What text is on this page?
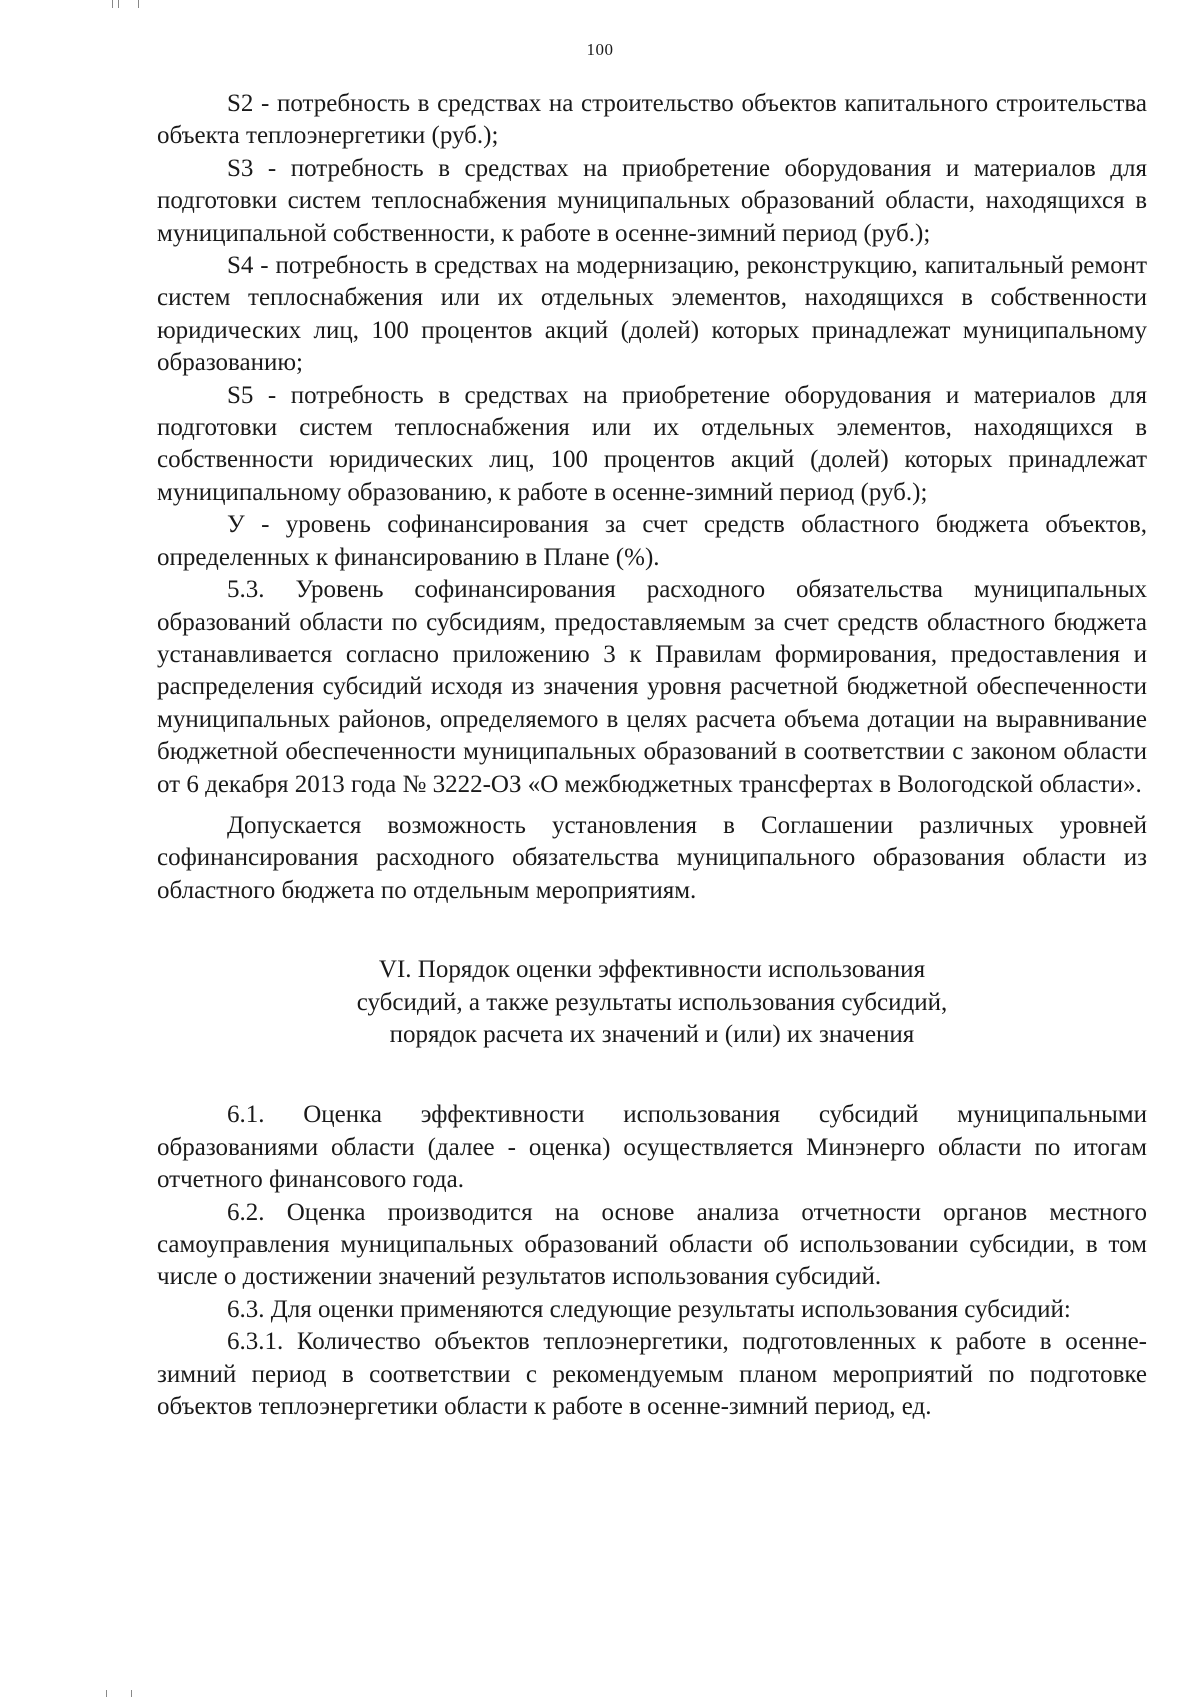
100

S2 - потребность в средствах на строительство объектов капитального строительства объекта теплоэнергетики (руб.);

S3 - потребность в средствах на приобретение оборудования и материалов для подготовки систем теплоснабжения муниципальных образований области, находящихся в муниципальной собственности, к работе в осенне-зимний период (руб.);

S4 - потребность в средствах на модернизацию, реконструкцию, капитальный ремонт систем теплоснабжения или их отдельных элементов, находящихся в собственности юридических лиц, 100 процентов акций (долей) которых принадлежат муниципальному образованию;

S5 - потребность в средствах на приобретение оборудования и материалов для подготовки систем теплоснабжения или их отдельных элементов, находящихся в собственности юридических лиц, 100 процентов акций (долей) которых принадлежат муниципальному образованию, к работе в осенне-зимний период (руб.);

У - уровень софинансирования за счет средств областного бюджета объектов, определенных к финансированию в Плане (%).

5.3. Уровень софинансирования расходного обязательства муниципальных образований области по субсидиям, предоставляемым за счет средств областного бюджета устанавливается согласно приложению 3 к Правилам формирования, предоставления и распределения субсидий исходя из значения уровня расчетной бюджетной обеспеченности муниципальных районов, определяемого в целях расчета объема дотации на выравнивание бюджетной обеспеченности муниципальных образований в соответствии с законом области от 6 декабря 2013 года № 3222-ОЗ «О межбюджетных трансфертах в Вологодской области».

Допускается возможность установления в Соглашении различных уровней софинансирования расходного обязательства муниципального образования области из областного бюджета по отдельным мероприятиям.

VI. Порядок оценки эффективности использования
субсидий, а также результаты использования субсидий,
порядок расчета их значений и (или) их значения

6.1. Оценка эффективности использования субсидий муниципальными образованиями области (далее - оценка) осуществляется Минэнерго области по итогам отчетного финансового года.

6.2. Оценка производится на основе анализа отчетности органов местного самоуправления муниципальных образований области об использовании субсидии, в том числе о достижении значений результатов использования субсидий.

6.3. Для оценки применяются следующие результаты использования субсидий:

6.3.1. Количество объектов теплоэнергетики, подготовленных к работе в осенне-зимний период в соответствии с рекомендуемым планом мероприятий по подготовке объектов теплоэнергетики области к работе в осенне-зимний период, ед.
